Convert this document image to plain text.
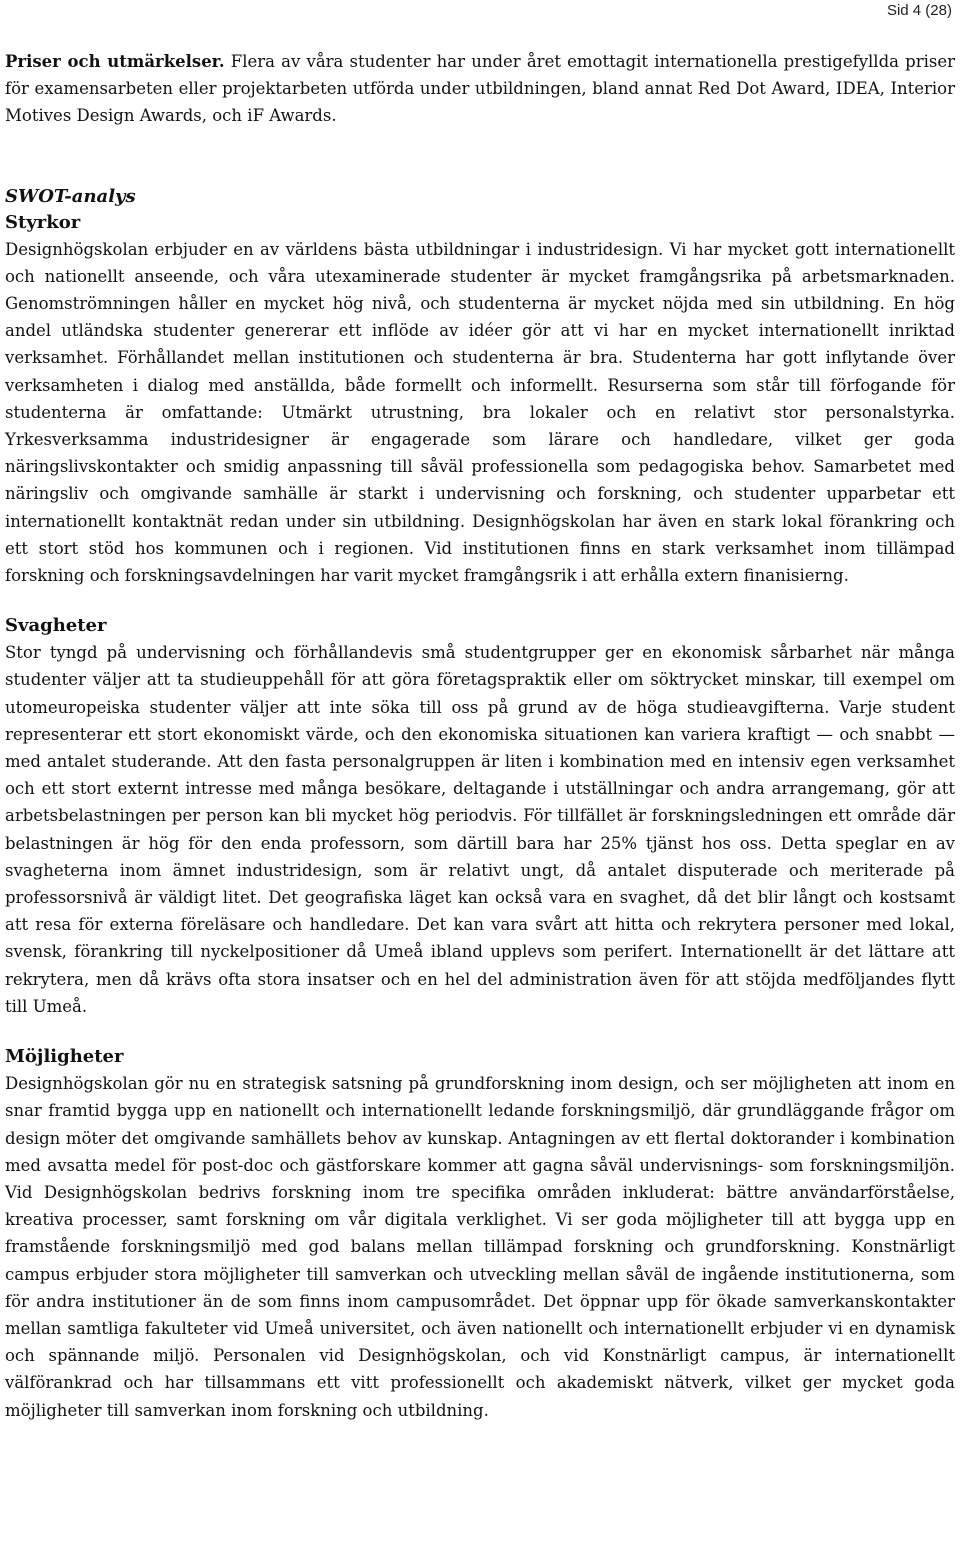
Sid 4 (28)

Priser och utmärkelser. Flera av våra studenter har under året emottagit internationella prestigefyllda priser för examensarbeten eller projektarbeten utförda under utbildningen, bland annat Red Dot Award, IDEA, Interior Motives Design Awards, och iF Awards.

SWOT-analys
Styrkor

Designhögskolan erbjuder en av världens bästa utbildningar i industridesign. Vi har mycket gott internationellt och nationellt anseende, och våra utexaminerade studenter är mycket framgångsrika på arbetsmarknaden. Genomströmningen håller en mycket hög nivå, och studenterna är mycket nöjda med sin utbildning. En hög andel utländska studenter genererar ett inflöde av idéer gör att vi har en mycket internationellt inriktad verksamhet. Förhållandet mellan institutionen och studenterna är bra. Studenterna har gott inflytande över verksamheten i dialog med anställda, både formellt och informellt. Resurserna som står till förfogande för studenterna är omfattande: Utmärkt utrustning, bra lokaler och en relativt stor personalstyrka. Yrkesverksamma industridesigner är engagerade som lärare och handledare, vilket ger goda näringslivskontakter och smidig anpassning till såväl professionella som pedagogiska behov. Samarbetet med näringsliv och omgivande samhälle är starkt i undervisning och forskning, och studenter upparbetar ett internationellt kontaktnät redan under sin utbildning. Designhögskolan har även en stark lokal förankring och ett stort stöd hos kommunen och i regionen. Vid institutionen finns en stark verksamhet inom tillämpad forskning och forskningsavdelningen har varit mycket framgångsrik i att erhålla extern finanisierng.

Svagheter

Stor tyngd på undervisning och förhållandevis små studentgrupper ger en ekonomisk sårbarhet när många studenter väljer att ta studieuppehåll för att göra företagspraktik eller om söktrycket minskar, till exempel om utomeuropeiska studenter väljer att inte söka till oss på grund av de höga studieavgifterna. Varje student representerar ett stort ekonomiskt värde, och den ekonomiska situationen kan variera kraftigt — och snabbt — med antalet studerande. Att den fasta personalgruppen är liten i kombination med en intensiv egen verksamhet och ett stort externt intresse med många besökare, deltagande i utställningar och andra arrangemang, gör att arbetsbelastningen per person kan bli mycket hög periodvis. För tillfället är forskningsledningen ett område där belastningen är hög för den enda professorn, som därtill bara har 25% tjänst hos oss. Detta speglar en av svagheterna inom ämnet industridesign, som är relativt ungt, då antalet disputerade och meriterade på professorsnivå är väldigt litet. Det geografiska läget kan också vara en svaghet, då det blir långt och kostsamt att resa för externa föreläsare och handledare. Det kan vara svårt att hitta och rekrytera personer med lokal, svensk, förankring till nyckelpositioner då Umeå ibland upplevs som perifert. Internationellt är det lättare att rekrytera, men då krävs ofta stora insatser och en hel del administration även för att stöjda medföljandes flytt till Umeå.

Möjligheter

Designhögskolan gör nu en strategisk satsning på grundforskning inom design, och ser möjligheten att inom en snar framtid bygga upp en nationellt och internationellt ledande forskningsmiljö, där grundläggande frågor om design möter det omgivande samhällets behov av kunskap. Antagningen av ett flertal doktorander i kombination med avsatta medel för post-doc och gästforskare kommer att gagna såväl undervisnings- som forskningsmiljön. Vid Designhögskolan bedrivs forskning inom tre specifika områden inkluderat: bättre användarförståelse, kreativa processer, samt forskning om vår digitala verklighet. Vi ser goda möjligheter till att bygga upp en framstående forskningsmiljö med god balans mellan tillämpad forskning och grundforskning. Konstnärligt campus erbjuder stora möjligheter till samverkan och utveckling mellan såväl de ingående institutionerna, som för andra institutioner än de som finns inom campusområdet. Det öppnar upp för ökade samverkanskontakter mellan samtliga fakulteter vid Umeå universitet, och även nationellt och internationellt erbjuder vi en dynamisk och spännande miljö. Personalen vid Designhögskolan, och vid Konstnärligt campus, är internationellt välförankrad och har tillsammans ett vitt professionellt och akademiskt nätverk, vilket ger mycket goda möjligheter till samverkan inom forskning och utbildning.
